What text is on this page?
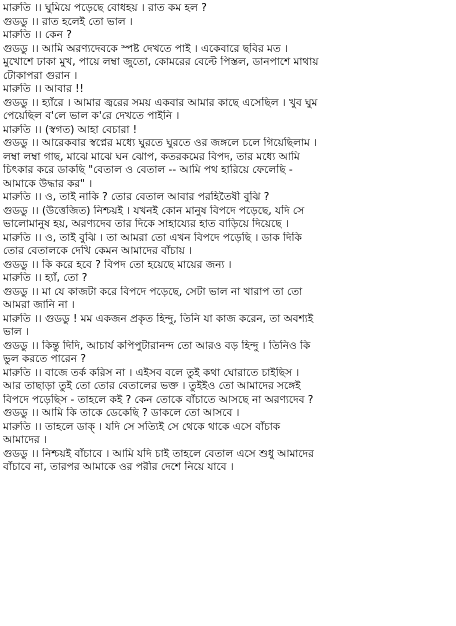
মারুতি ।। ঘুমিয়ে পড়েছে বোধহয় । রাত কম হল ?
গুডডু ।। রাত হলেই তো ভাল ।
মারুতি ।। কেন ?
গুডডু ।। আমি অরণ্যদেবকে স্পষ্ট দেখতে পাই । একেবারে ছবির মত ।
মুখোশে ঢাকা মুখ, পায়ে লম্বা জুতো, কোমরের বেল্টে পিস্তল, ডানপাশে মাথায়
টোকাপরা গুরান ।
মারুতি ।। আবার !!
গুডডু ।। হ্যাঁরে । আমার জ্বরের সময় একবার আমার কাছে এসেছিল । খুব ঘুম
পেয়েছিল ব'লে ভাল ক'রে দেখতে পাইনি ।
মারুতি ।। (স্বগত) আহা বেচারা !
গুডডু ।। আরেকবার স্বপ্নের মধ্যে ঘুরতে ঘুরতে ওর জঙ্গলে চলে গিয়েছিলাম ।
লম্বা লম্বা গাছ, মাঝে মাঝে ঘন ঝোপ, কতরকমের বিপদ, তার মধ্যে আমি
চিৎকার করে ডাকছি "বেতাল ও বেতাল -- আমি পথ হারিয়ে ফেলেছি -
আমাকে উদ্ধার কর" ।
মারুতি ।। ও, তাই নাকি ? তোর বেতাল আবার পরহিতৈষী বুঝি ?
গুডডু ।। (উত্তেজিত) নিশ্চয়ই । যখনই কোন মানুষ বিপদে পড়েছে, যদি সে
ভালোমানুষ হয়, অরণ্যদেব তার দিকে সাহায্যের হাত বাড়িয়ে দিয়েছে ।
মারুতি ।। ও, তাই বুঝি । তা আমরা তো এখন বিপদে পড়েছি । ডাক দিকি
তোর বেতালকে দেখি কেমন আমাদের বাঁচায় ।
গুডডু ।। কি করে হবে ? বিপদ তো হয়েছে মায়ের জন্য ।
মারুতি ।। হ্যাঁ, তো ?
গুডডু ।। মা যে কাজটা করে বিপদে পড়েছে, সেটা ভাল না খারাপ তা তো
আমরা জানি না ।
মারুতি ।। গুডডু ! মম একজন প্রকৃত হিন্দু, তিনি যা কাজ করেন, তা অবশ্যই
ভাল ।
গুডডু ।। কিন্তু দিদি, আচার্য কপিপুটারানন্দ তো আরও বড় হিন্দু । তিনিও কি
ভুল করতে পারেন ?
মারুতি ।। বাজে তর্ক করিস না । এইসব বলে তুই কথা ঘোরাতে চাইছিস ।
আর তাছাড়া তুই তো তোর বেতালের ভক্ত । তুইইও তো আমাদের সঙ্গেই
বিপদে পড়েছিস - তাহলে কই ? কেন তোকে বাঁচাতে আসছে না অরণ্যদেব ?
গুডডু ।। আমি কি তাকে ডেকেছি ? ডাকলে তো আসবে ।
মারুতি ।। তাহলে ডাক্ । যদি সে সত্যিই সে থেকে থাকে এসে বাঁচাক
আমাদের ।
গুডডু ।। নিশ্চয়ই বাঁচাবে । আমি যদি চাই তাহলে বেতাল এসে শুধু আমাদের
বাঁচাবে না, তারপর আমাকে ওর পরীর দেশে নিয়ে যাবে ।
